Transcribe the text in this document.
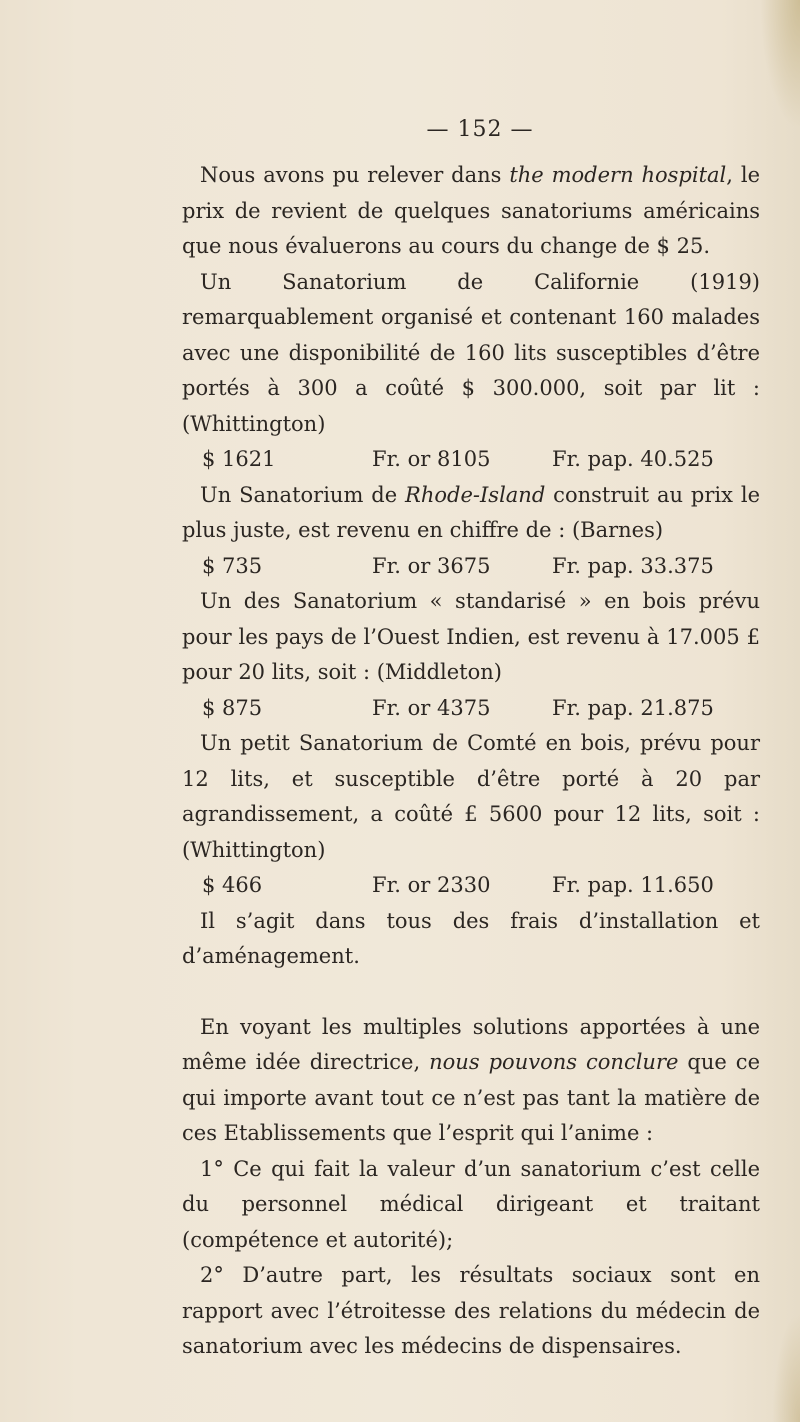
— 152 —

Nous avons pu relever dans the modern hospital, le prix de revient de quelques sanatoriums américains que nous évaluerons au cours du change de $ 25.

Un Sanatorium de Californie (1919) remarquablement organisé et contenant 160 malades avec une disponibilité de 160 lits susceptibles d’être portés à 300 a coûté $ 300.000, soit par lit : (Whittington)

$ 1621	Fr. or 8105	Fr. pap. 40.525

Un Sanatorium de Rhode-Island construit au prix le plus juste, est revenu en chiffre de : (Barnes)

$ 735	Fr. or 3675	Fr. pap. 33.375

Un des Sanatorium « standarisé » en bois prévu pour les pays de l’Ouest Indien, est revenu à 17.005 £ pour 20 lits, soit : (Middleton)

$ 875	Fr. or 4375	Fr. pap. 21.875

Un petit Sanatorium de Comté en bois, prévu pour 12 lits, et susceptible d’être porté à 20 par agrandissement, a coûté £ 5600 pour 12 lits, soit : (Whittington)

$ 466	Fr. or 2330	Fr. pap. 11.650

Il s’agit dans tous des frais d’installation et d’aménagement.

En voyant les multiples solutions apportées à une même idée directrice, nous pouvons conclure que ce qui importe avant tout ce n’est pas tant la matière de ces Etablissements que l’esprit qui l’anime :

1° Ce qui fait la valeur d’un sanatorium c’est celle du personnel médical dirigeant et traitant (compétence et autorité);

2° D’autre part, les résultats sociaux sont en rapport avec l’étroitesse des relations du médecin de sanatorium avec les médecins de dispensaires.
